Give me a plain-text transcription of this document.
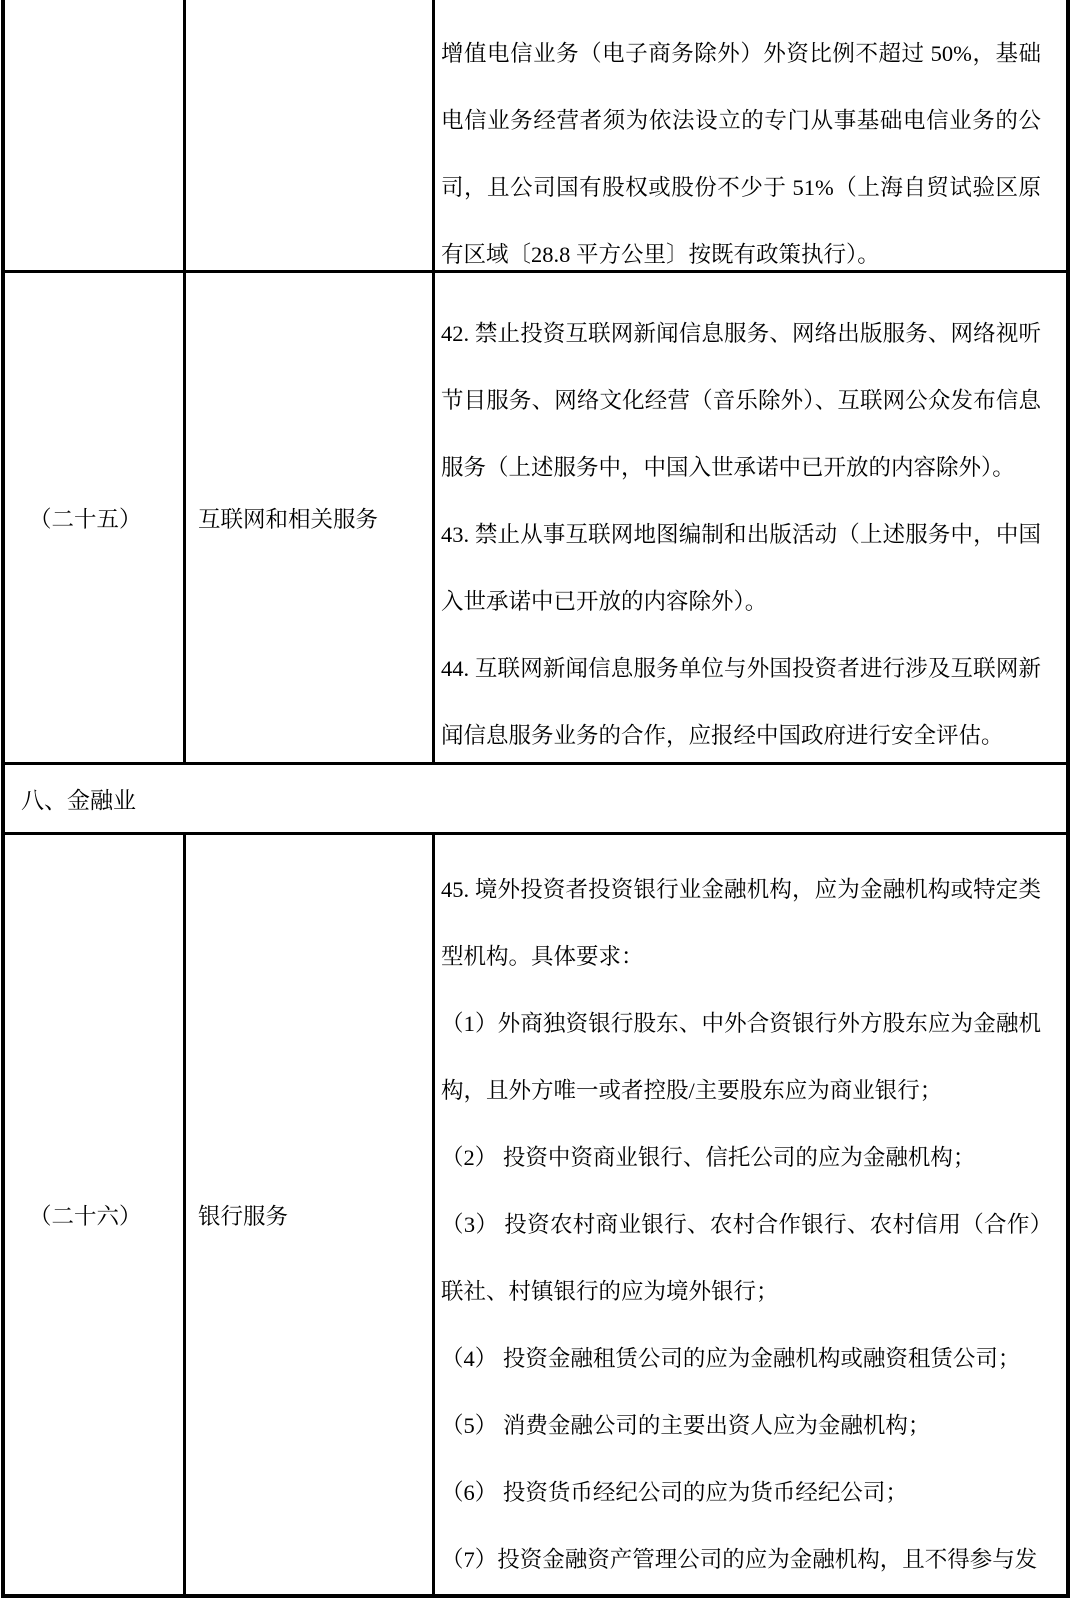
增值电信业务（电子商务除外）外资比例不超过 50%，基础电信业务经营者须为依法设立的专门从事基础电信业务的公司，且公司国有股权或股份不少于 51%（上海自贸试验区原有区域〔28.8 平方公里〕按既有政策执行）。

（二十五）	互联网和相关服务

42. 禁止投资互联网新闻信息服务、网络出版服务、网络视听节目服务、网络文化经营（音乐除外）、互联网公众发布信息服务（上述服务中，中国入世承诺中已开放的内容除外）。

43. 禁止从事互联网地图编制和出版活动（上述服务中，中国入世承诺中已开放的内容除外）。

44. 互联网新闻信息服务单位与外国投资者进行涉及互联网新闻信息服务业务的合作，应报经中国政府进行安全评估。

八、金融业
（二十六）	银行服务

45. 境外投资者投资银行业金融机构，应为金融机构或特定类型机构。具体要求：

（1）外商独资银行股东、中外合资银行外方股东应为金融机构，且外方唯一或者控股/主要股东应为商业银行；

（2） 投资中资商业银行、信托公司的应为金融机构；

（3） 投资农村商业银行、农村合作银行、农村信用（合作）联社、村镇银行的应为境外银行；

（4） 投资金融租赁公司的应为金融机构或融资租赁公司；

（5） 消费金融公司的主要出资人应为金融机构；

（6） 投资货币经纪公司的应为货币经纪公司；

（7）投资金融资产管理公司的应为金融机构，且不得参与发
